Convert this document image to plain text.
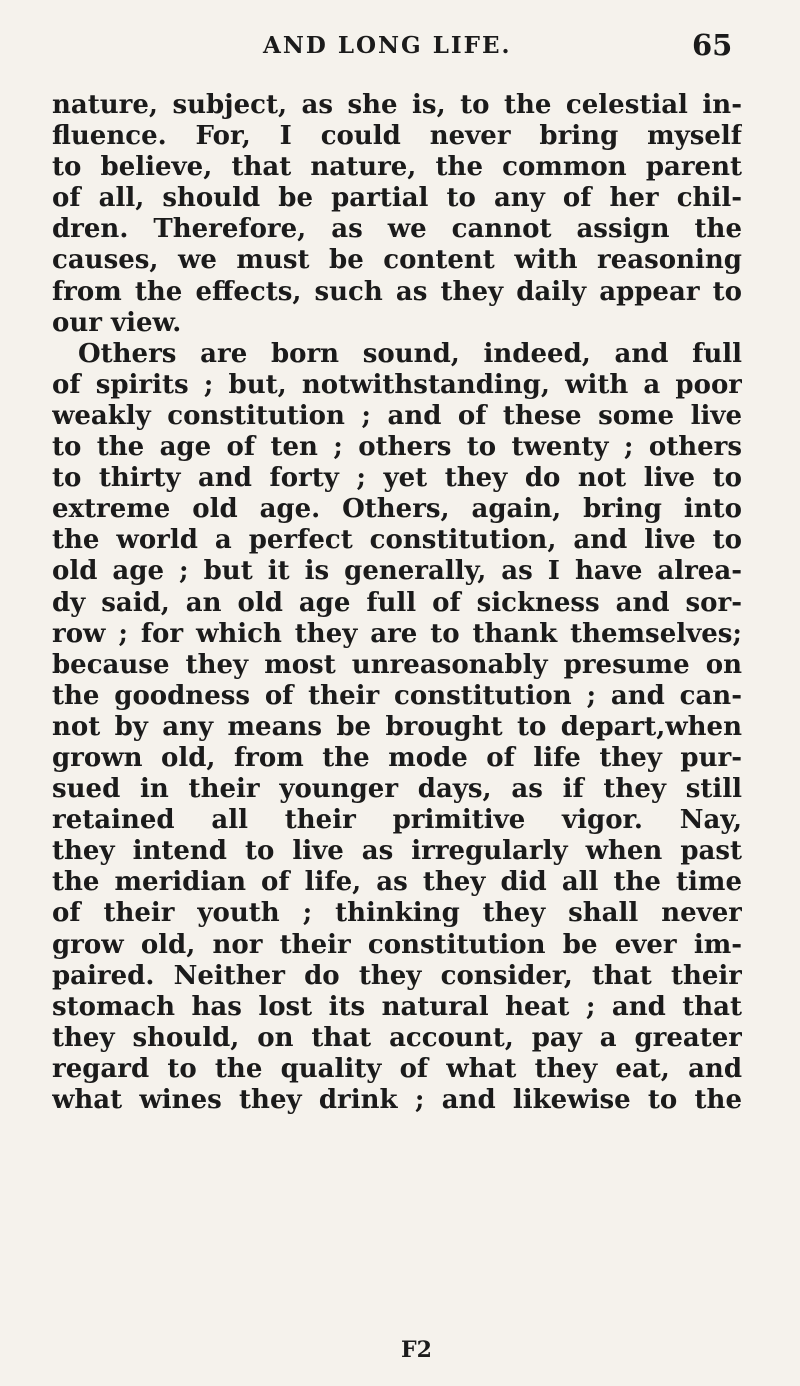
AND LONG LIFE.	65
nature, subject, as she is, to the celestial in-
fluence. For, I could never bring myself
to believe, that nature, the common parent
of all, should be partial to any of her chil-
dren. Therefore, as we cannot assign the
causes, we must be content with reasoning
from the effects, such as they daily appear to
our view.
Others are born sound, indeed, and full
of spirits ; but, notwithstanding, with a poor
weakly constitution ; and of these some live
to the age of ten ; others to twenty ; others
to thirty and forty ; yet they do not live to
extreme old age. Others, again, bring into
the world a perfect constitution, and live to
old age ; but it is generally, as I have alrea-
dy said, an old age full of sickness and sor-
row ; for which they are to thank themselves;
because they most unreasonably presume on
the goodness of their constitution ; and can-
not by any means be brought to depart,when
grown old, from the mode of life they pur-
sued in their younger days, as if they still
retained all their primitive vigor. Nay,
they intend to live as irregularly when past
the meridian of life, as they did all the time
of their youth ; thinking they shall never
grow old, nor their constitution be ever im-
paired. Neither do they consider, that their
stomach has lost its natural heat ; and that
they should, on that account, pay a greater
regard to the quality of what they eat, and
what wines they drink ; and likewise to the
F2
